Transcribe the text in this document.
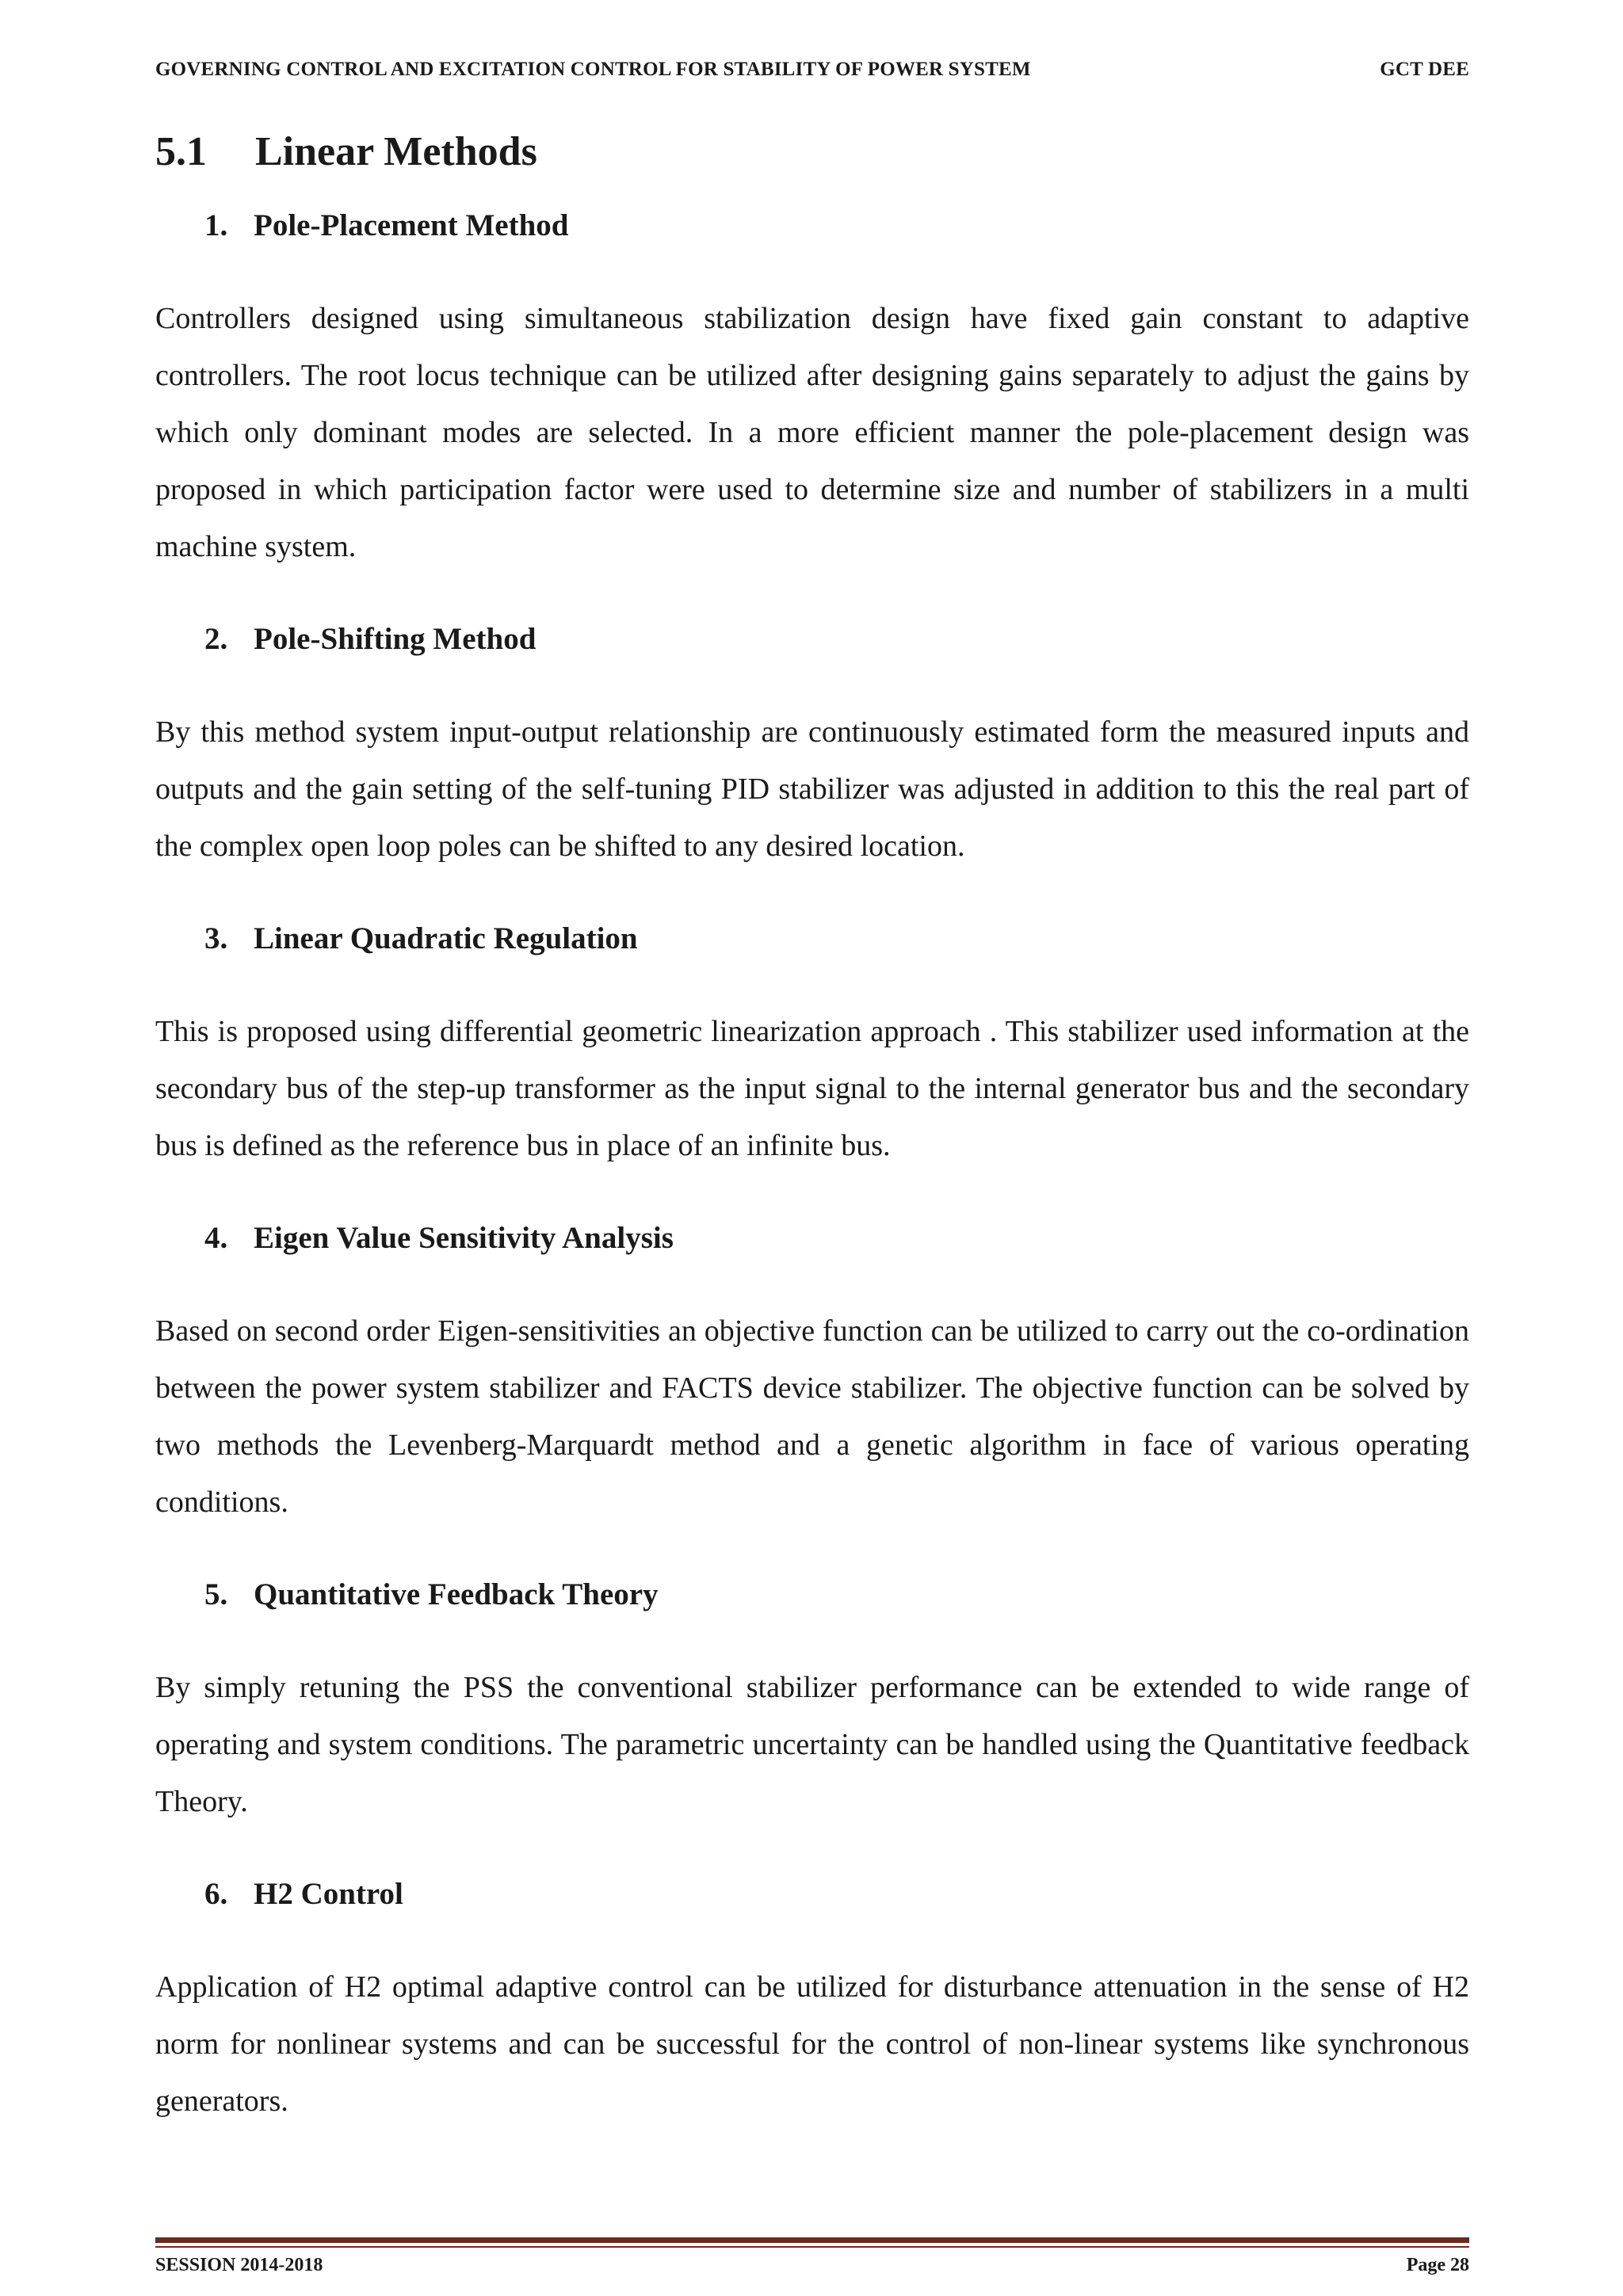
GOVERNING CONTROL AND EXCITATION CONTROL FOR STABILITY OF POWER SYSTEM	GCT DEE
5.1	Linear Methods
1. Pole-Placement Method

Controllers designed using simultaneous stabilization design have fixed gain constant to adaptive controllers. The root locus technique can be utilized after designing gains separately to adjust the gains by which only dominant modes are selected. In a more efficient manner the pole-placement design was proposed in which participation factor were used to determine size and number of stabilizers in a multi machine system.

2. Pole-Shifting Method

By this method system input-output relationship are continuously estimated form the measured inputs and outputs and the gain setting of the self-tuning PID stabilizer was adjusted in addition to this the real part of the complex open loop poles can be shifted to any desired location.

3. Linear Quadratic Regulation

This is proposed using differential geometric linearization approach . This stabilizer used information at the secondary bus of the step-up transformer as the input signal to the internal generator bus and the secondary bus is defined as the reference bus in place of an infinite bus.

4. Eigen Value Sensitivity Analysis

Based on second order Eigen-sensitivities an objective function can be utilized to carry out the co-ordination between the power system stabilizer and FACTS device stabilizer. The objective function can be solved by two methods the Levenberg-Marquardt method and a genetic algorithm in face of various operating conditions.

5. Quantitative Feedback Theory

By simply retuning the PSS the conventional stabilizer performance can be extended to wide range of operating and system conditions. The parametric uncertainty can be handled using the Quantitative feedback Theory.

6. H2 Control

Application of H2 optimal adaptive control can be utilized for disturbance attenuation in the sense of H2 norm for nonlinear systems and can be successful for the control of non-linear systems like synchronous generators.

SESSION 2014-2018	Page 28
